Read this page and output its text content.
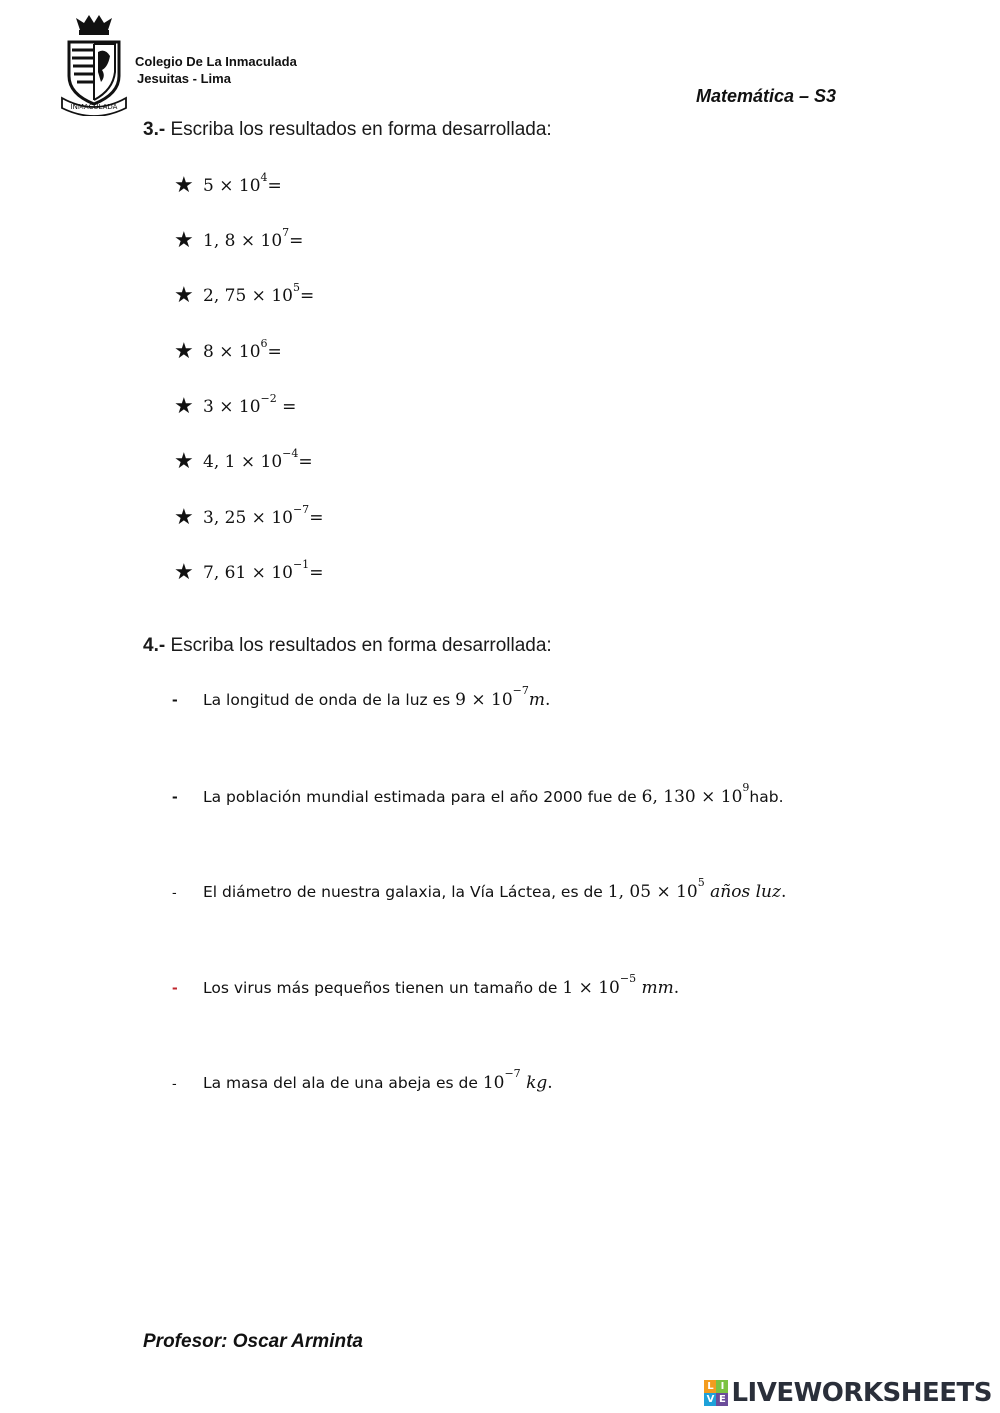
INMACULADA
Colegio De La Inmaculada
Jesuitas - Lima
Matemática – S3
3.- Escriba los resultados en forma desarrollada:
★ $5 \times 10^4=$
★ 1, $8 \times 10^7=$
★ 2, $75 \times 10^5=$
★ $8 \times 10^6=$
★ $3 \times 10^{-2}$ =
★ 4, $1 \times 10^{-4}=$
★ 3, $25 \times 10^{-7}=$
★ 7, $61 \times 10^{-1}=$
4.- Escriba los resultados en forma desarrollada:
- La longitud de onda de la luz es $9 \times 10^{-7}m$.
- La población mundial estimada para el año 2000 fue de 6, $130 \times 10^9hab$.
- El diámetro de nuestra galaxia, la Vía Láctea, es de 1, $05 \times 10^5$ años luz.
- Los virus más pequeños tienen un tamaño de $1 \times 10^{-5}$ mm.
- La masa del ala de una abeja es de $10^{-7}$ kg.
Profesor: Oscar Arminta
L I
V E LIVEWORKSHEETS
